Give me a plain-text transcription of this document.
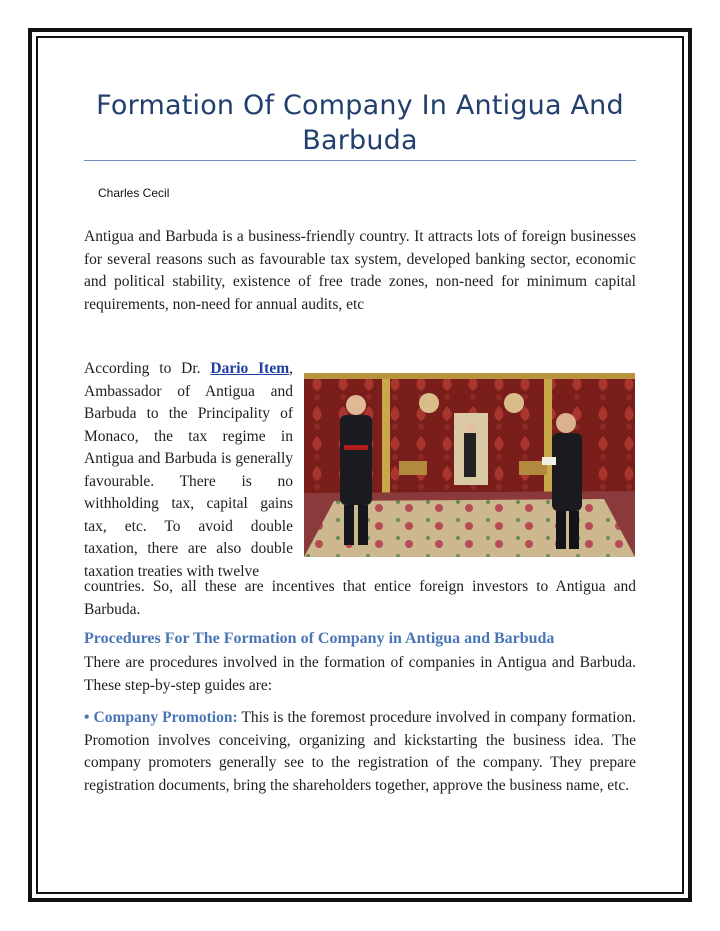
Formation Of Company In Antigua And Barbuda

Charles Cecil

Antigua and Barbuda is a business-friendly country. It attracts lots of foreign businesses for several reasons such as favourable tax system, developed banking sector, economic and political stability, existence of free trade zones, non-need for minimum capital requirements, non-need for annual audits, etc

According to Dr. Dario Item, Ambassador of Antigua and Barbuda to the Principality of Monaco, the tax regime in Antigua and Barbuda is generally favourable. There is no withholding tax, capital gains tax, etc. To avoid double taxation, there are also double taxation treaties with twelve

countries. So, all these are incentives that entice foreign investors to Antigua and Barbuda.

Procedures For The Formation of Company in Antigua and Barbuda

There are procedures involved in the formation of companies in Antigua and Barbuda. These step-by-step guides are:

• Company Promotion: This is the foremost procedure involved in company formation. Promotion involves conceiving, organizing and kickstarting the business idea. The company promoters generally see to the registration of the company. They prepare registration documents, bring the shareholders together, approve the business name, etc.
